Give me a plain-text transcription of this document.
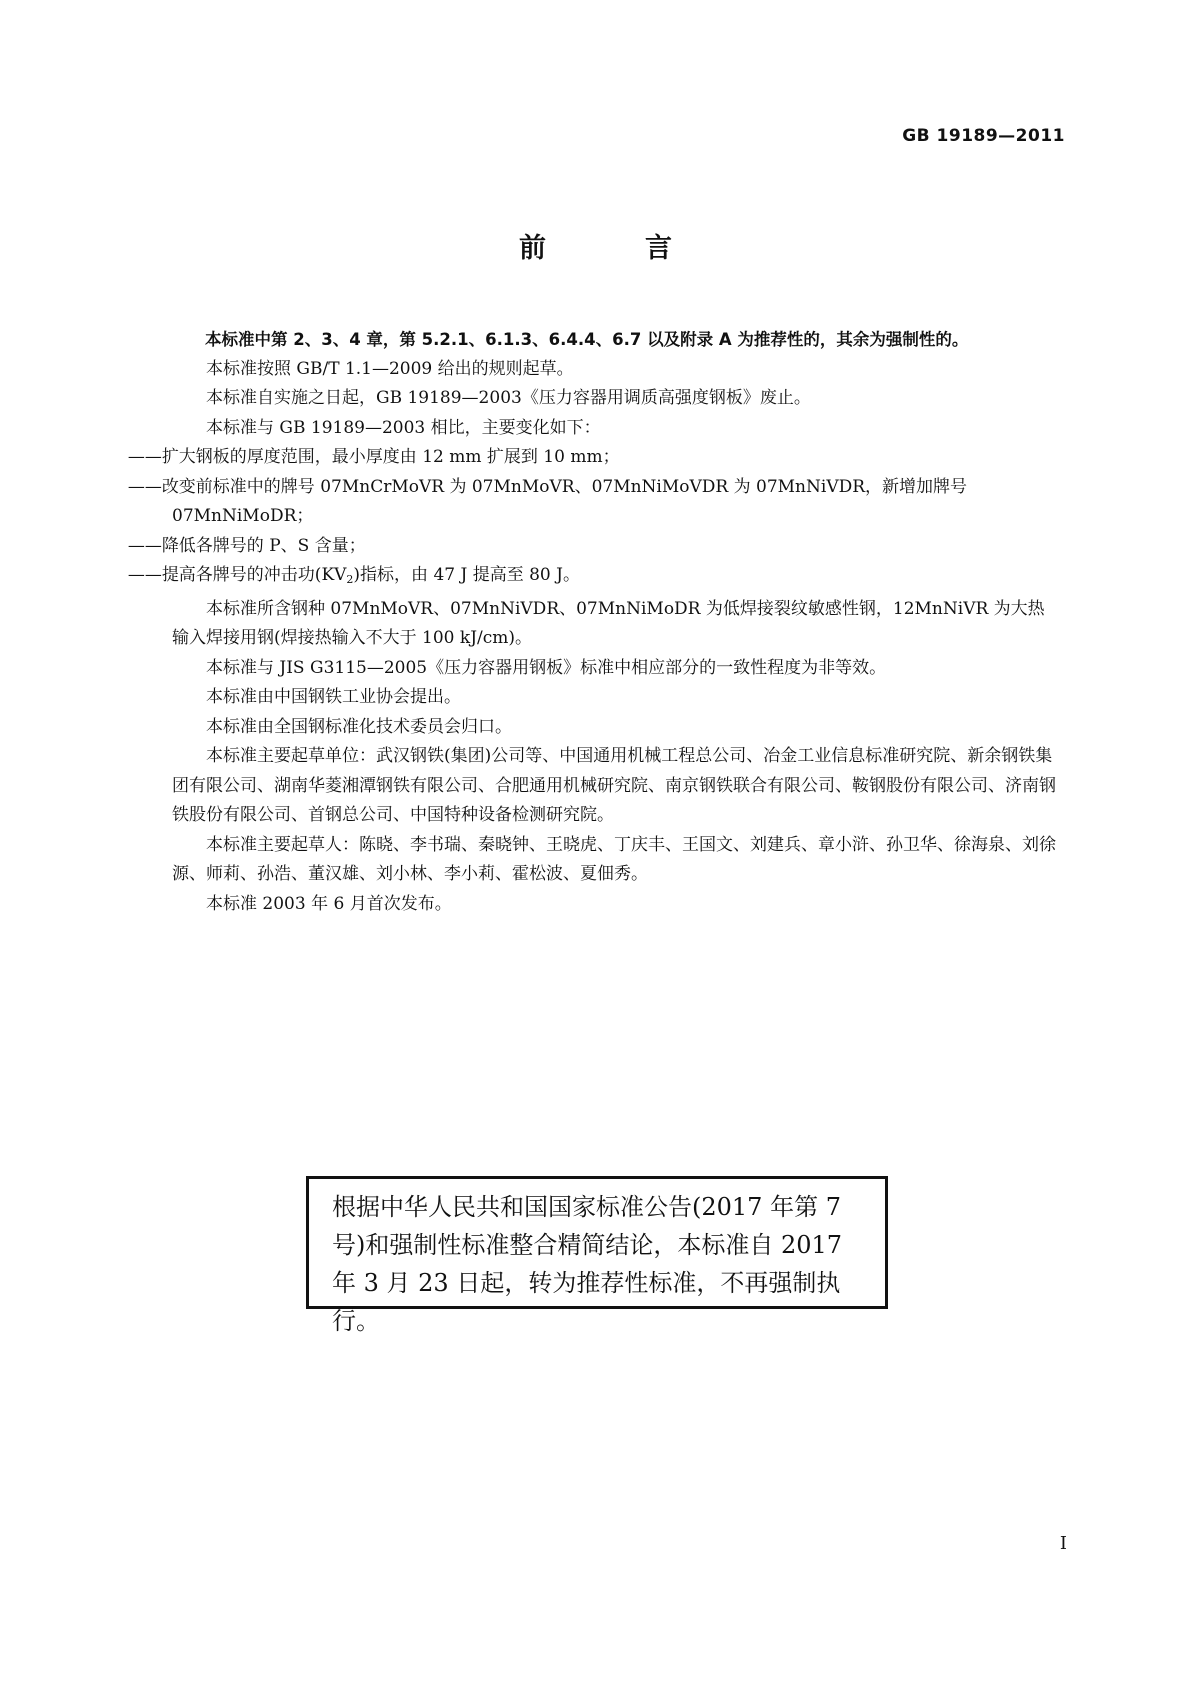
GB 19189—2011
前　言

本标准中第 2、3、4 章，第 5.2.1、6.1.3、6.4.4、6.7 以及附录 A 为推荐性的，其余为强制性的。

本标准按照 GB/T 1.1—2009 给出的规则起草。

本标准自实施之日起，GB 19189—2003《压力容器用调质高强度钢板》废止。

本标准与 GB 19189—2003 相比，主要变化如下：

——扩大钢板的厚度范围，最小厚度由 12 mm 扩展到 10 mm；

——改变前标准中的牌号 07MnCrMoVR 为 07MnMoVR、07MnNiMoVDR 为 07MnNiVDR，新增加牌号 07MnNiMoDR；

——降低各牌号的 P、S 含量；

——提高各牌号的冲击功$(KV_2)$指标，由 47 J 提高至 80 J。

本标准所含钢种 07MnMoVR、07MnNiVDR、07MnNiMoDR 为低焊接裂纹敏感性钢，12MnNiVR 为大热输入焊接用钢(焊接热输入不大于 100 kJ/cm)。

本标准与 JIS G3115—2005《压力容器用钢板》标准中相应部分的一致性程度为非等效。

本标准由中国钢铁工业协会提出。

本标准由全国钢标准化技术委员会归口。

本标准主要起草单位：武汉钢铁(集团)公司等、中国通用机械工程总公司、冶金工业信息标准研究院、新余钢铁集团有限公司、湖南华菱湘潭钢铁有限公司、合肥通用机械研究院、南京钢铁联合有限公司、鞍钢股份有限公司、济南钢铁股份有限公司、首钢总公司、中国特种设备检测研究院。

本标准主要起草人：陈晓、李书瑞、秦晓钟、王晓虎、丁庆丰、王国文、刘建兵、章小浒、孙卫华、徐海泉、刘徐源、师莉、孙浩、董汉雄、刘小林、李小莉、霍松波、夏佃秀。

本标准 2003 年 6 月首次发布。

根据中华人民共和国国家标准公告(2017 年第 7 号)和强制性标准整合精简结论，本标准自 2017 年 3 月 23 日起，转为推荐性标准，不再强制执行。

I
